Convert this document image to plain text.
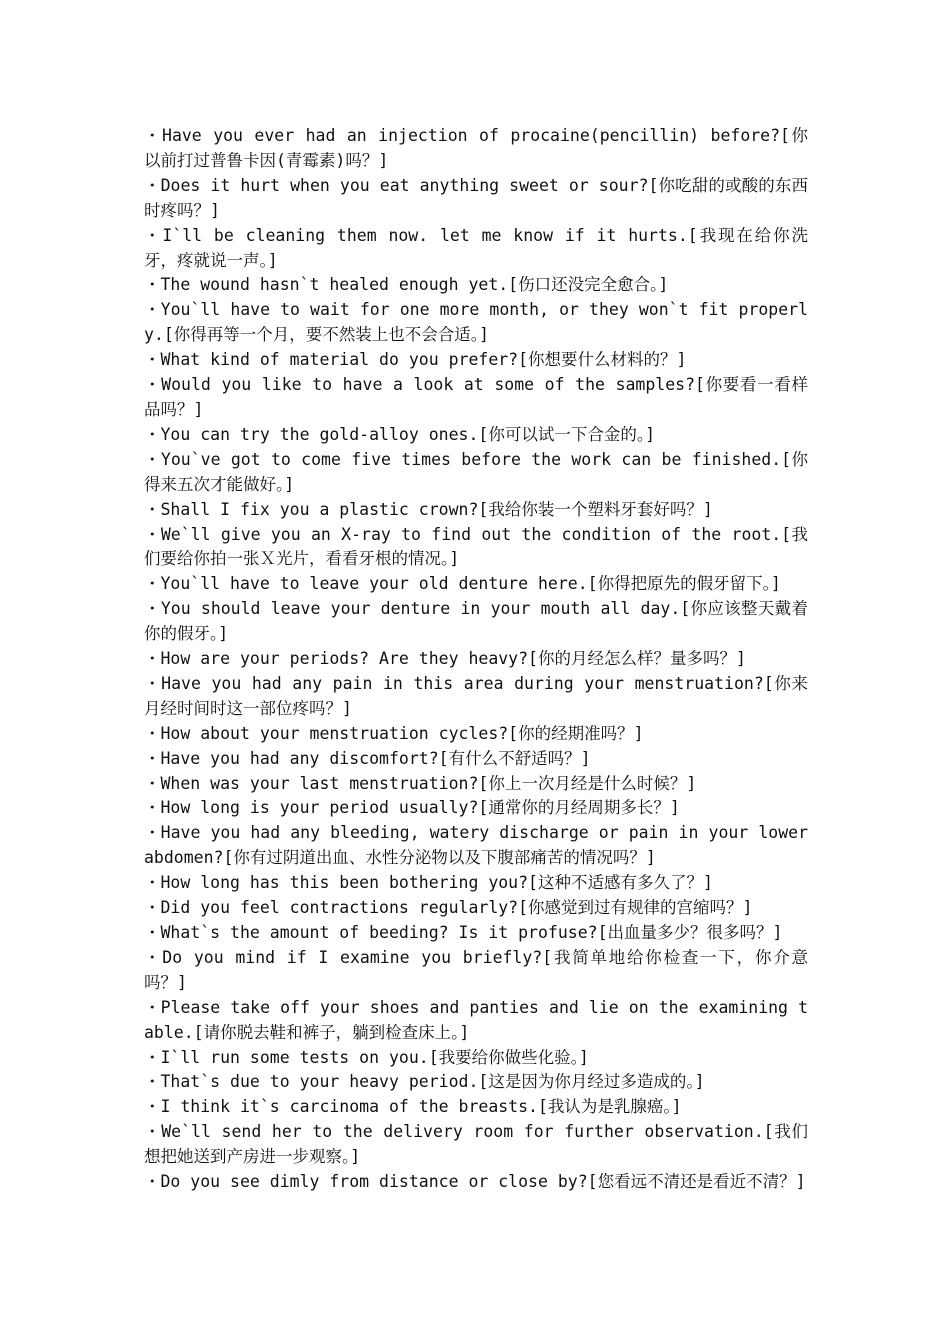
・Have you ever had an injection of procaine(pencillin) before?[你以前打过普鲁卡因(青霉素)吗？]

・Does it hurt when you eat anything sweet or sour?[你吃甜的或酸的东西时疼吗？]

・I`ll be cleaning them now. let me know if it hurts.[我现在给你洗牙，疼就说一声。]

・The wound hasn`t healed enough yet.[伤口还没完全愈合。]

・You`ll have to wait for one more month, or they won`t fit properly.[你得再等一个月，要不然装上也不会合适。]

・What kind of material do you prefer?[你想要什么材料的？]

・Would you like to have a look at some of the samples?[你要看一看样品吗？]

・You can try the gold-alloy ones.[你可以试一下合金的。]

・You`ve got to come five times before the work can be finished.[你得来五次才能做好。]

・Shall I fix you a plastic crown?[我给你装一个塑料牙套好吗？]

・We`ll give you an X-ray to find out the condition of the root.[我们要给你拍一张Ｘ光片，看看牙根的情况。]

・You`ll have to leave your old denture here.[你得把原先的假牙留下。]

・You should leave your denture in your mouth all day.[你应该整天戴着你的假牙。]

・How are your periods? Are they heavy?[你的月经怎么样？量多吗？]

・Have you had any pain in this area during your menstruation?[你来月经时间时这一部位疼吗？]

・How about your menstruation cycles?[你的经期准吗？]

・Have you had any discomfort?[有什么不舒适吗？]

・When was your last menstruation?[你上一次月经是什么时候？]

・How long is your period usually?[通常你的月经周期多长？]

・Have you had any bleeding, watery discharge or pain in your lower abdomen?[你有过阴道出血、水性分泌物以及下腹部痛苦的情况吗？]

・How long has this been bothering you?[这种不适感有多久了？]

・Did you feel contractions regularly?[你感觉到过有规律的宫缩吗？]

・What`s the amount of beeding? Is it profuse?[出血量多少？很多吗？]

・Do you mind if I examine you briefly?[我简单地给你检查一下，你介意吗？]

・Please take off your shoes and panties and lie on the examining table.[请你脱去鞋和裤子，躺到检查床上。]

・I`ll run some tests on you.[我要给你做些化验。]

・That`s due to your heavy period.[这是因为你月经过多造成的。]

・I think it`s carcinoma of the breasts.[我认为是乳腺癌。]

・We`ll send her to the delivery room for further observation.[我们想把她送到产房进一步观察。]

・Do you see dimly from distance or close by?[您看远不清还是看近不清？]
